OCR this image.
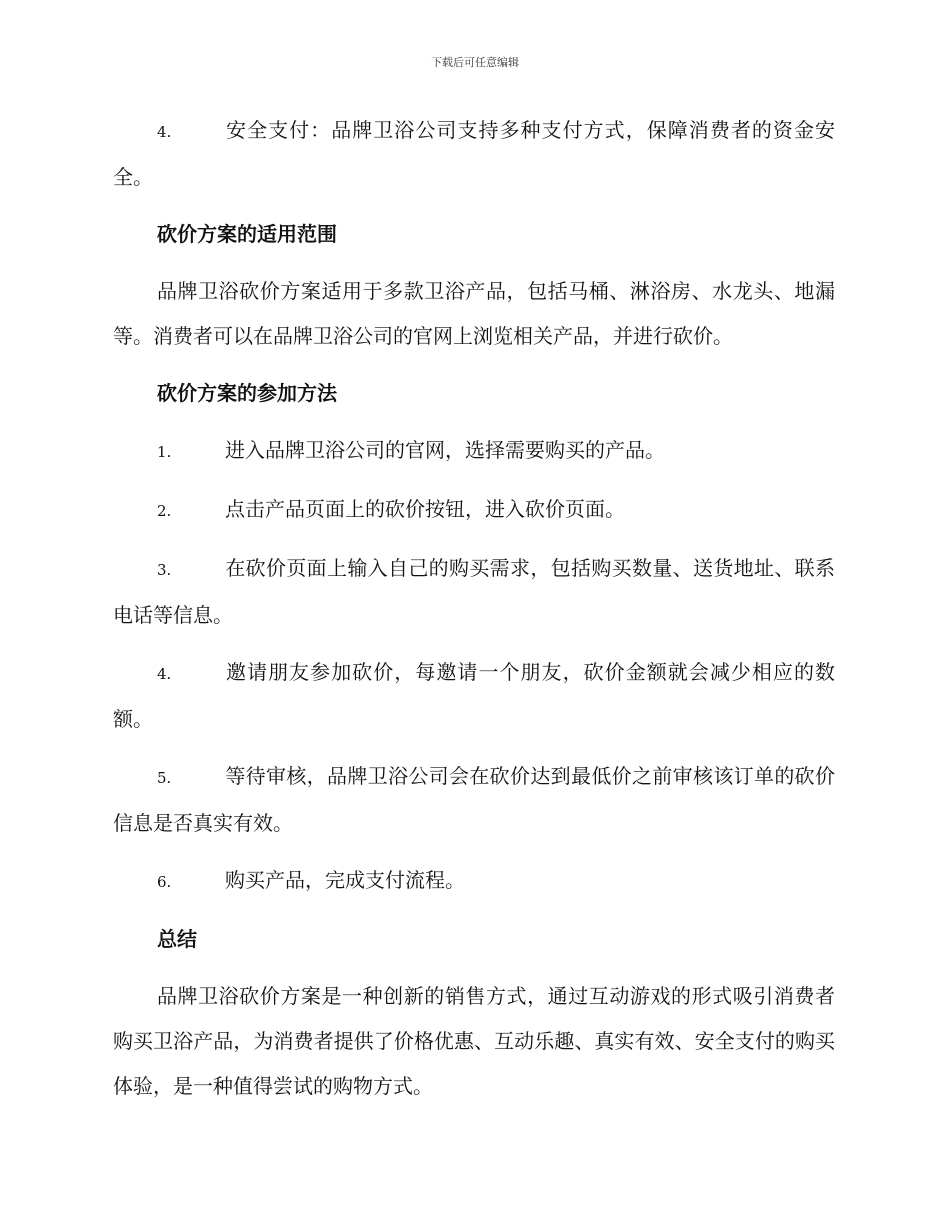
下载后可任意编辑

4.	安全支付：品牌卫浴公司支持多种支付方式，保障消费者的资金安全。

砍价方案的适用范围

品牌卫浴砍价方案适用于多款卫浴产品，包括马桶、淋浴房、水龙头、地漏等。消费者可以在品牌卫浴公司的官网上浏览相关产品，并进行砍价。

砍价方案的参加方法

1.	进入品牌卫浴公司的官网，选择需要购买的产品。

2.	点击产品页面上的砍价按钮，进入砍价页面。

3.	在砍价页面上输入自己的购买需求，包括购买数量、送货地址、联系电话等信息。

4.	邀请朋友参加砍价，每邀请一个朋友，砍价金额就会减少相应的数额。

5.	等待审核，品牌卫浴公司会在砍价达到最低价之前审核该订单的砍价信息是否真实有效。

6.	购买产品，完成支付流程。

总结

品牌卫浴砍价方案是一种创新的销售方式，通过互动游戏的形式吸引消费者购买卫浴产品，为消费者提供了价格优惠、互动乐趣、真实有效、安全支付的购买体验，是一种值得尝试的购物方式。
